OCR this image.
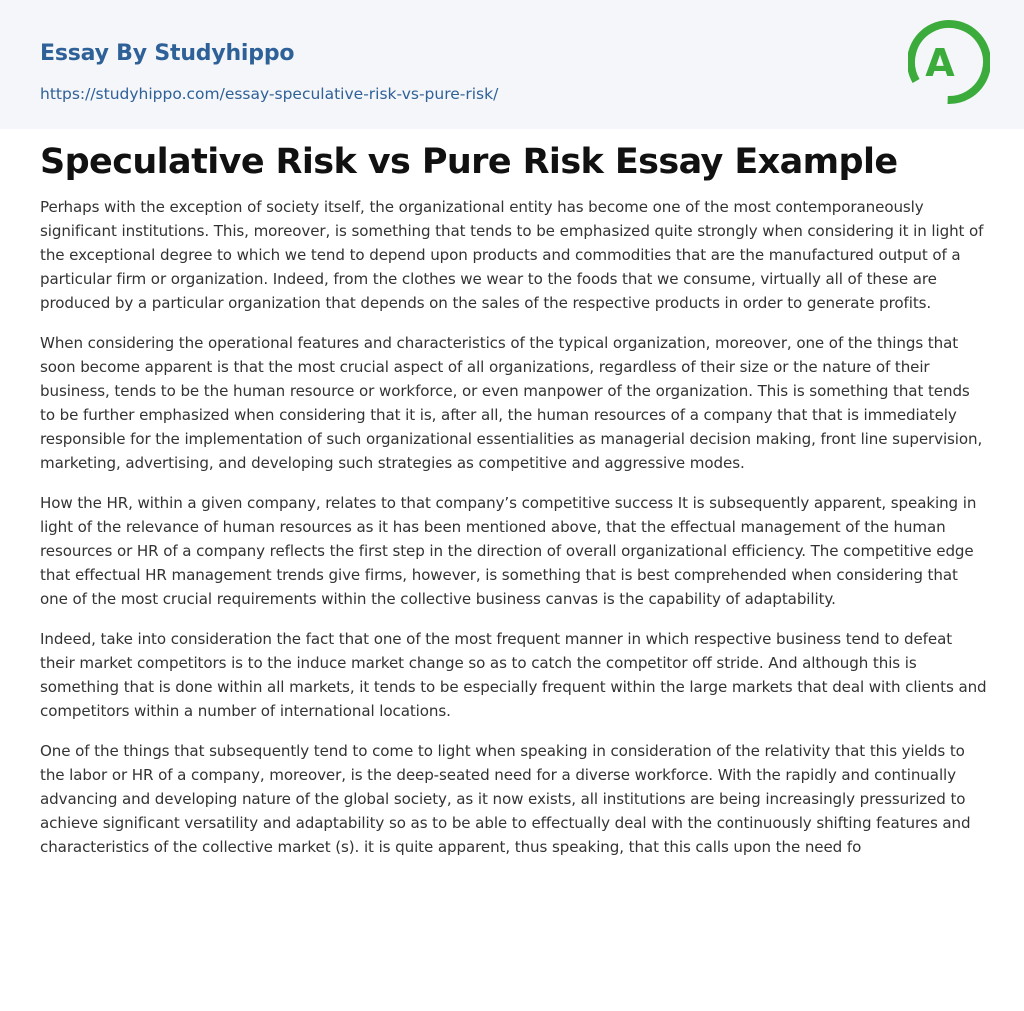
Essay By Studyhippo
https://studyhippo.com/essay-speculative-risk-vs-pure-risk/
A
Speculative Risk vs Pure Risk Essay Example

Perhaps with the exception of society itself, the organizational entity has become one of the most contemporaneously significant institutions. This, moreover, is something that tends to be emphasized quite strongly when considering it in light of the exceptional degree to which we tend to depend upon products and commodities that are the manufactured output of a particular firm or organization. Indeed, from the clothes we wear to the foods that we consume, virtually all of these are produced by a particular organization that depends on the sales of the respective products in order to generate profits.

When considering the operational features and characteristics of the typical organization, moreover, one of the things that soon become apparent is that the most crucial aspect of all organizations, regardless of their size or the nature of their business, tends to be the human resource or workforce, or even manpower of the organization. This is something that tends to be further emphasized when considering that it is, after all, the human resources of a company that that is immediately responsible for the implementation of such organizational essentialities as managerial decision making, front line supervision, marketing, advertising, and developing such strategies as competitive and aggressive modes.

How the HR, within a given company, relates to that company’s competitive success It is subsequently apparent, speaking in light of the relevance of human resources as it has been mentioned above, that the effectual management of the human resources or HR of a company reflects the first step in the direction of overall organizational efficiency. The competitive edge that effectual HR management trends give firms, however, is something that is best comprehended when considering that one of the most crucial requirements within the collective business canvas is the capability of adaptability.

Indeed, take into consideration the fact that one of the most frequent manner in which respective business tend to defeat their market competitors is to the induce market change so as to catch the competitor off stride. And although this is something that is done within all markets, it tends to be especially frequent within the large markets that deal with clients and competitors within a number of international locations.

One of the things that subsequently tend to come to light when speaking in consideration of the relativity that this yields to the labor or HR of a company, moreover, is the deep-seated need for a diverse workforce. With the rapidly and continually advancing and developing nature of the global society, as it now exists, all institutions are being increasingly pressurized to achieve significant versatility and adaptability so as to be able to effectually deal with the continuously shifting features and characteristics of the collective market (s). it is quite apparent, thus speaking, that this calls upon the need fo
